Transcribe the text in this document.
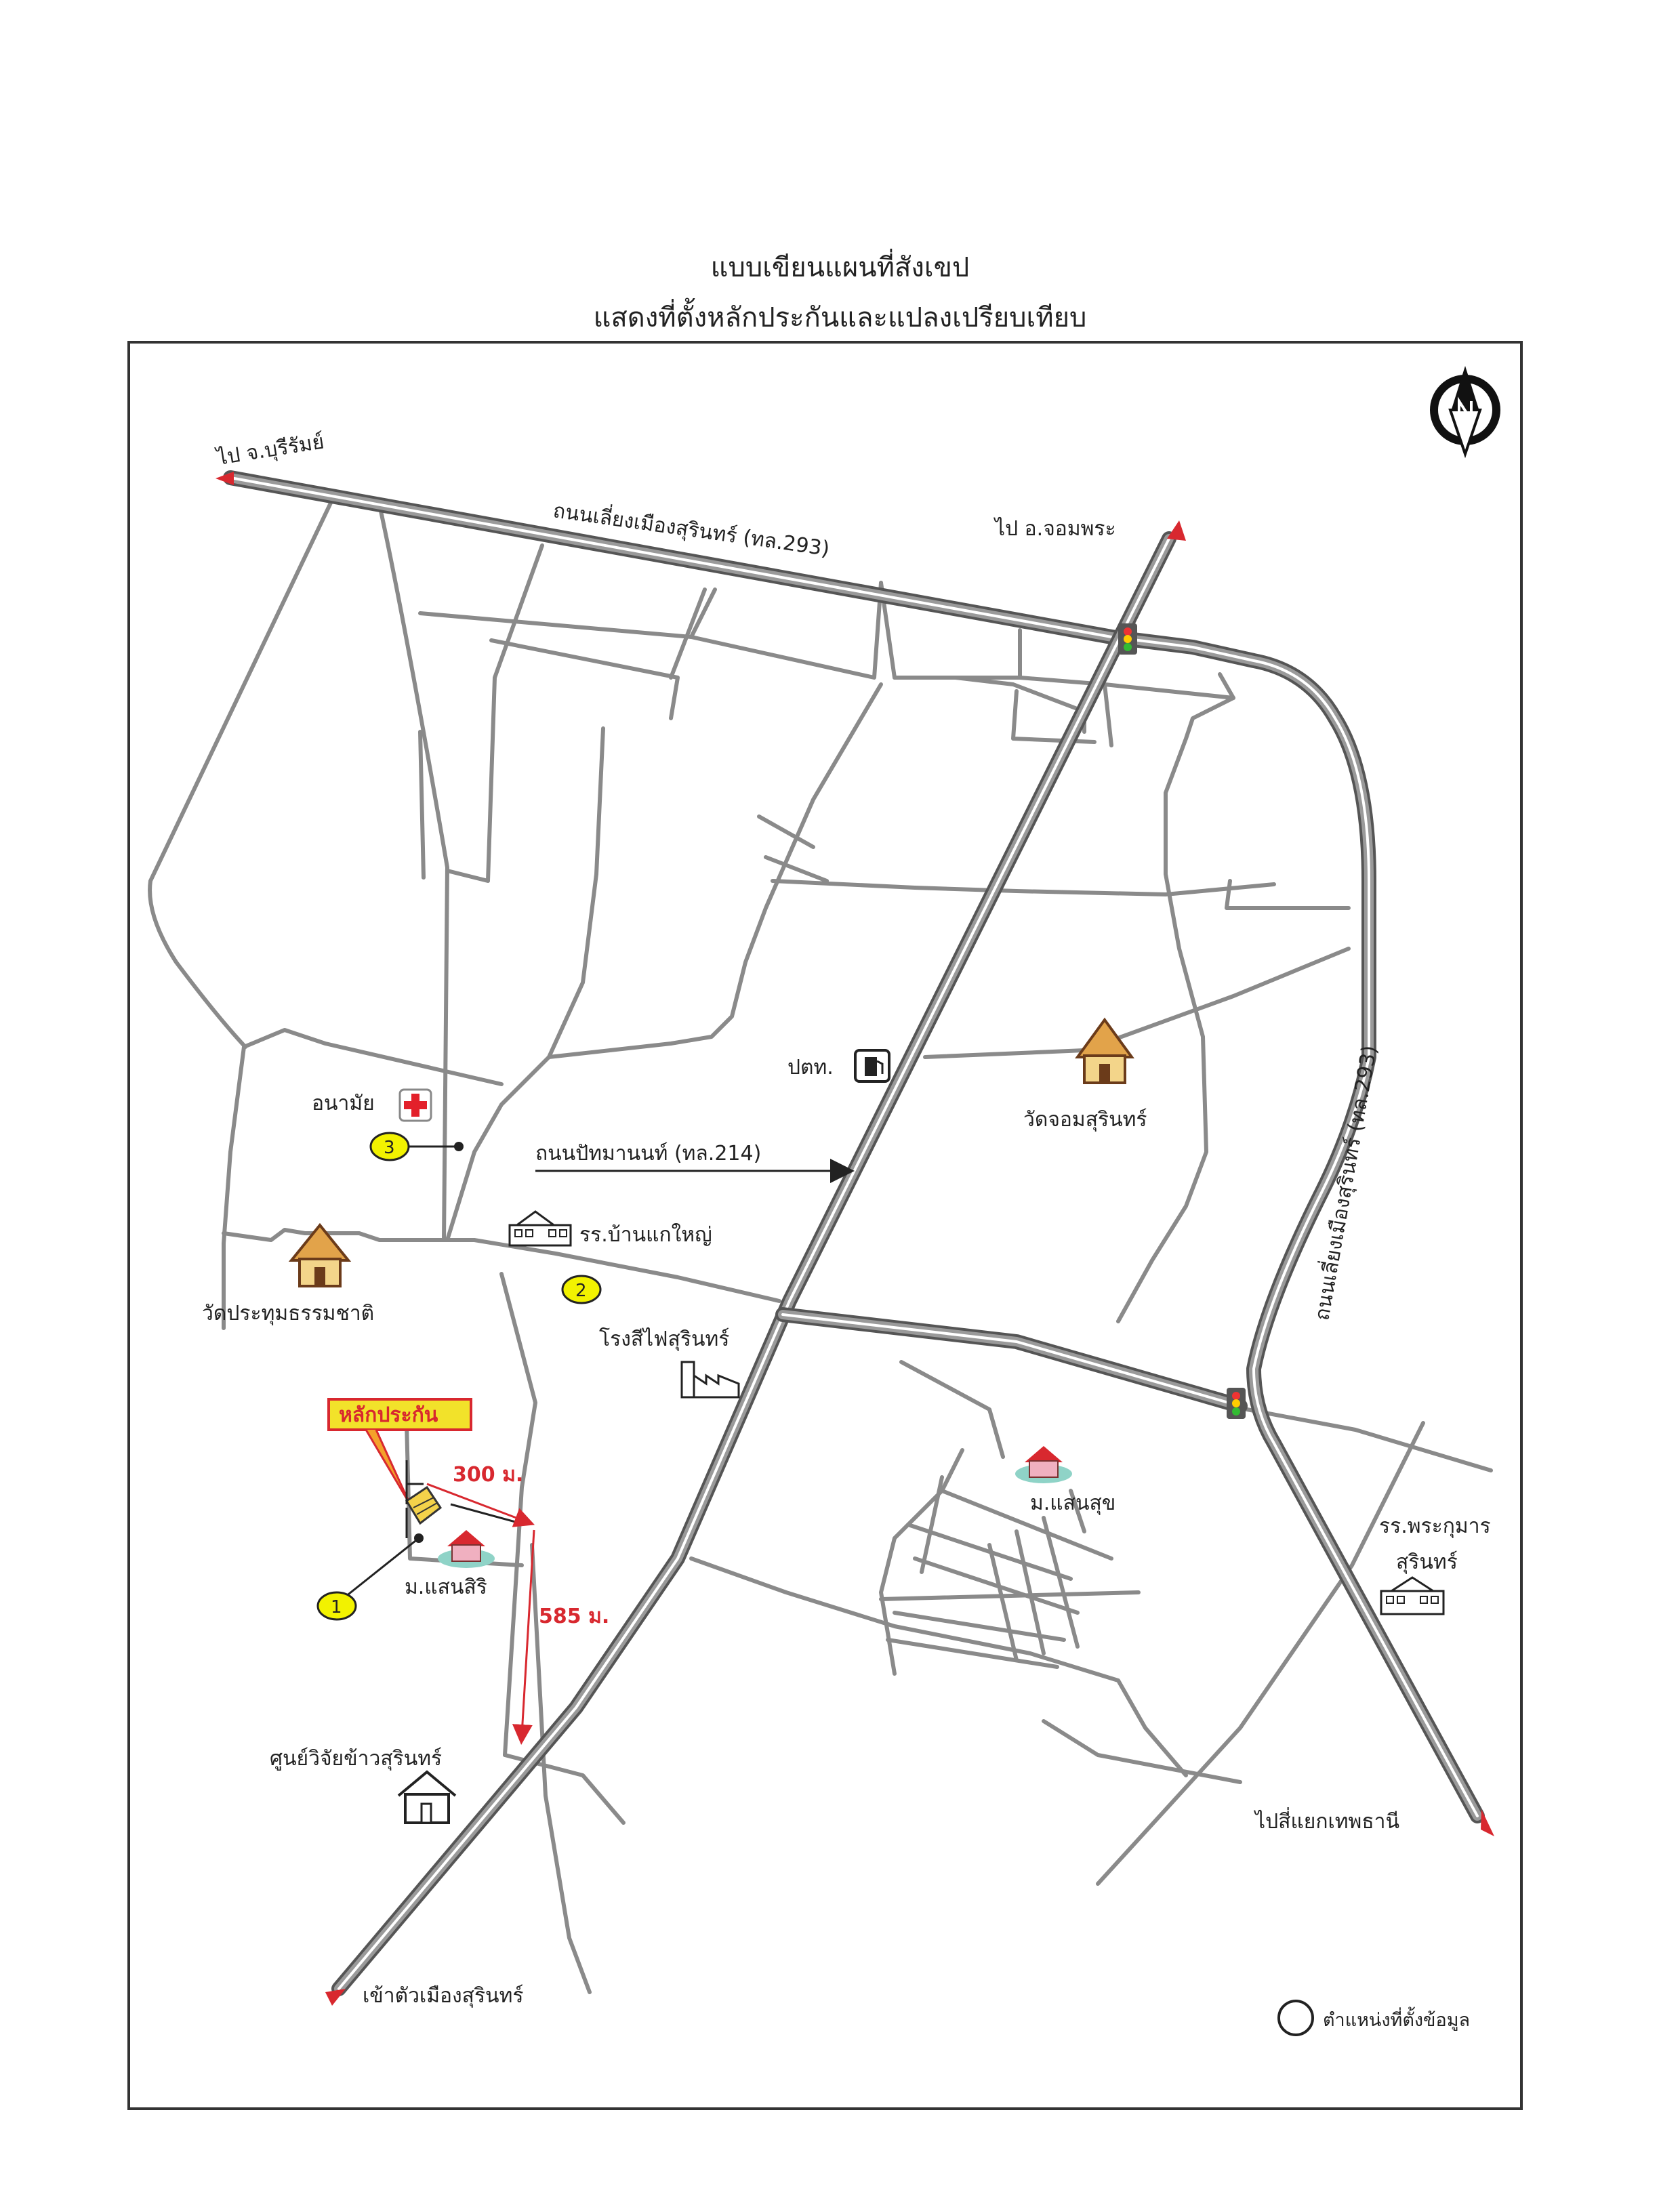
แบบเขียนแผนที่สังเขป
แสดงที่ตั้งหลักประกันและแปลงเปรียบเทียบ
ไป จ.บุรีรัมย์
ถนนเลี่ยงเมืองสุรินทร์ (ทล.293)	ไป อ.จอมพระ
ถนนเลี่ยงเมืองสุรินทร์ (ทล.293)
ปตท.
วัดจอมสุรินทร์
อนามัย
3	ถนนปัทมานนท์ (ทล.214)
รร.บ้านแกใหญ่
2
วัดประทุมธรรมชาติ
โรงสีไฟสุรินทร์
หลักประกัน
300 ม.
1
ม.แสนสิริ
585 ม.
ศูนย์วิจัยข้าวสุรินทร์
ม.แสนสุข
รร.พระกุมาร
สุรินทร์
ไปสี่แยกเทพธานี
เข้าตัวเมืองสุรินทร์
ตำแหน่งที่ตั้งข้อมูล
